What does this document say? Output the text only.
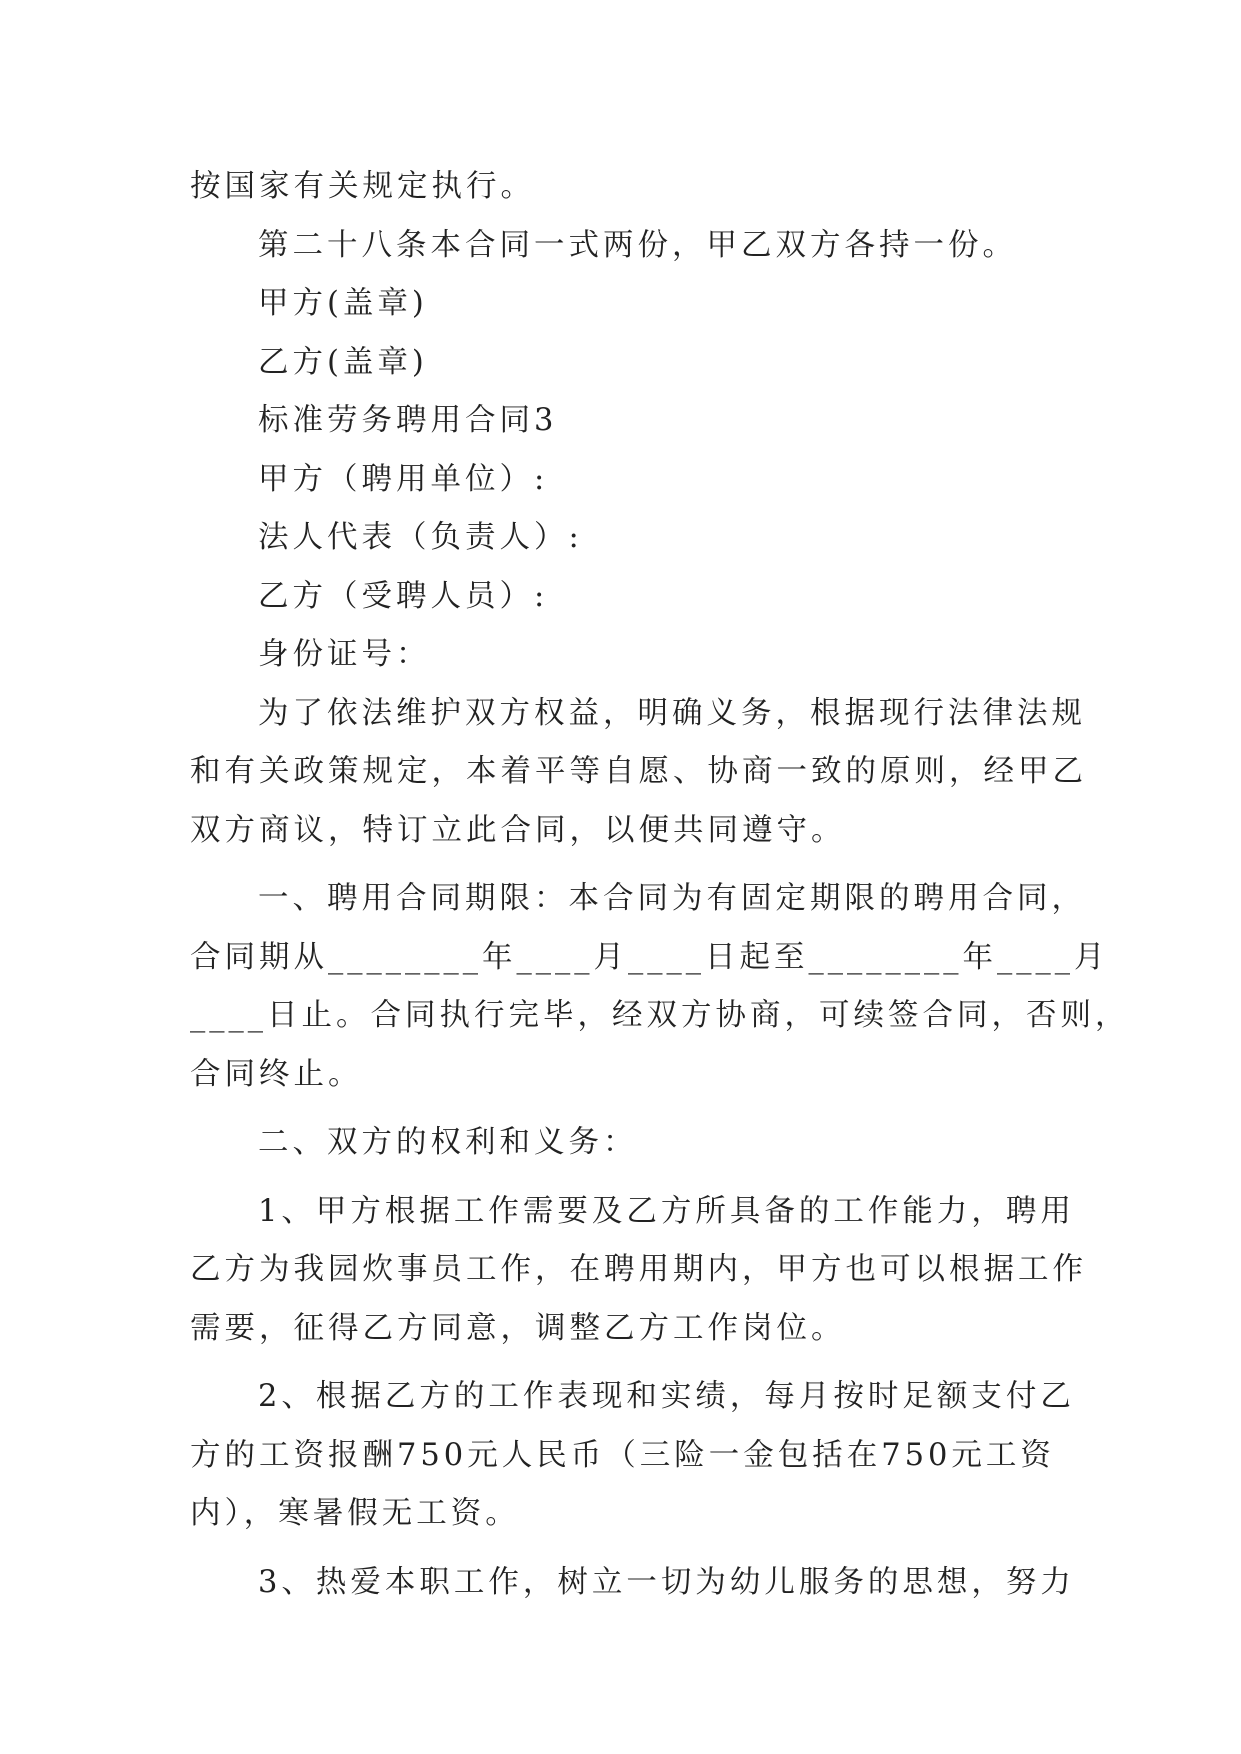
按国家有关规定执行。
第二十八条本合同一式两份，甲乙双方各持一份。
甲方(盖章)
乙方(盖章)
标准劳务聘用合同3
甲方（聘用单位）:
法人代表（负责人）:
乙方（受聘人员）:
身份证号：
为了依法维护双方权益，明确义务，根据现行法律法规
和有关政策规定，本着平等自愿、协商一致的原则，经甲乙
双方商议，特订立此合同，以便共同遵守。
一、聘用合同期限：本合同为有固定期限的聘用合同，
合同期从________年____月____日起至________年____月
____日止。合同执行完毕，经双方协商，可续签合同，否则，
合同终止。
二、双方的权利和义务：
1、甲方根据工作需要及乙方所具备的工作能力，聘用
乙方为我园炊事员工作，在聘用期内，甲方也可以根据工作
需要，征得乙方同意，调整乙方工作岗位。
2、根据乙方的工作表现和实绩，每月按时足额支付乙
方的工资报酬750元人民币（三险一金包括在750元工资
内），寒暑假无工资。
3、热爱本职工作，树立一切为幼儿服务的思想，努力
